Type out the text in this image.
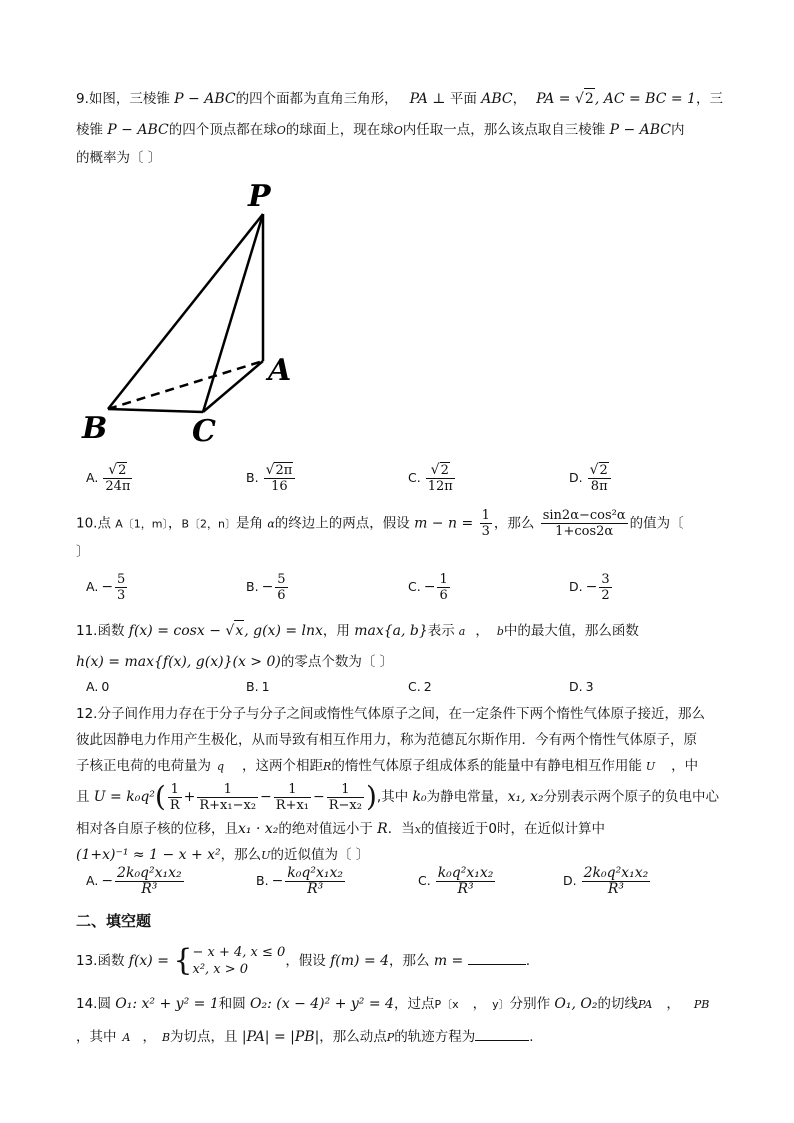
9.如图，三棱锥 P − ABC的四个面都为直角三角形， PA ⊥ 平面 ABC， PA = √2, AC = BC = 1，三
棱锥 P − ABC的四个顶点都在球O的球面上，现在球O内任取一点，那么该点取自三棱锥 P − ABC内
的概率为〔 〕
P
A
B	C
A. $\frac{√2}{24\pi}$	B. $\frac{√2\pi}{16}$	C. $\frac{√2}{12\pi}$	D. $\frac{√2}{8\pi}$
10.点 A〔1，m〕，B〔2，n〕是角 α的终边上的两点，假设 $m - n = \frac{1}{3}$ ，那么 $\frac{\text{sin2α−cos²α}}{1+\cos 2\alpha}$ 的值为〔
〕
A. − $\frac{5}{3}$	B. − $\frac{5}{6}$	C. − $\frac{1}{6}$	D. − $\frac{3}{2}$
11.函数 f(x) = cosx − √x, g(x) = lnx，用 max{a, b}表示 a ， b中的最大值，那么函数
h(x) = max{f(x), g(x)}(x > 0)的零点个数为〔 〕
A. 0	B. 1	C. 2	D. 3
12.分子间作用力存在于分子与分子之间或惰性气体原子之间，在一定条件下两个惰性气体原子接近，那么
彼此因静电力作用产生极化，从而导致有相互作用力，称为范德瓦尔斯作用．今有两个惰性气体原子，原
子核正电荷的电荷量为 q ，这两个相距R的惰性气体原子组成体系的能量中有静电相互作用能 U ，中
且 $U = k_0q^2( \frac{1}{R} + \frac{1}{\text{R+x₁−x₂}} - \frac{1}{\text{R+x₁}} - \frac{1}{\text{R−x₂}}$ ),其中 k₀为静电常量，x₁, x₂分别表示两个原子的负电中心
相对各自原子核的位移，且x₁ · x₂的绝对值远小于 R．当x的值接近于0时，在近似计算中
(1+x)⁻¹ ≈ 1 − x + x²，那么U的近似值为〔 〕
A. − $\frac{\text{2k₀q²x₁x₂}}{\text{R³}}$	B. − $\frac{\text{k₀q²x₁x₂}}{\text{R³}}$	C. $\frac{\text{k₀q²x₁x₂}}{\text{R³}}$	D. $\frac{\text{2k₀q²x₁x₂}}{\text{R³}}$
二、填空题
13.函数 f(x) = { − x + 4, x ≤ 0
x², x > 0
，假设 f(m) = 4，那么 m =	.
14.圆 O₁: x² + y² = 1和圆 O₂: (x − 4)² + y² = 4，过点P〔x ， y〕分别作 O₁, O₂的切线PA ， PB
，其中 A ， B为切点，且 |PA| = |PB|，那么动点P的轨迹方程为	.
